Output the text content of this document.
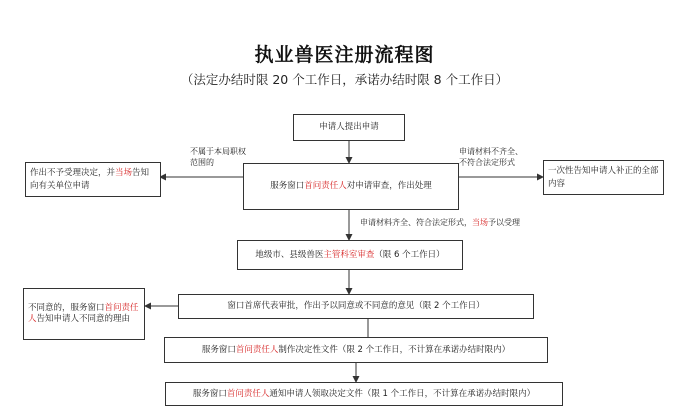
执业兽医注册流程图
（法定办结时限 20 个工作日，承诺办结时限 8 个工作日）
申请人提出申请
服务窗口首问责任人对申请审查，作出处理
作出不予受理决定，并当场告知向有关单位申请
一次性告知申请人补正的全部内容
地级市、县级兽医主管科室审查（限 6 个工作日）
窗口首席代表审批，作出予以同意或不同意的意见（限 2 个工作日）
服务窗口首问责任人制作决定性文件（限 2 个工作日，不计算在承诺办结时限内）
服务窗口首问责任人通知申请人领取决定文件（限 1 个工作日，不计算在承诺办结时限内）
不同意的，服务窗口首问责任人告知申请人不同意的理由
不属于本局职权范围的
申请材料不齐全、不符合法定形式
申请材料齐全、符合法定形式，当场予以受理
